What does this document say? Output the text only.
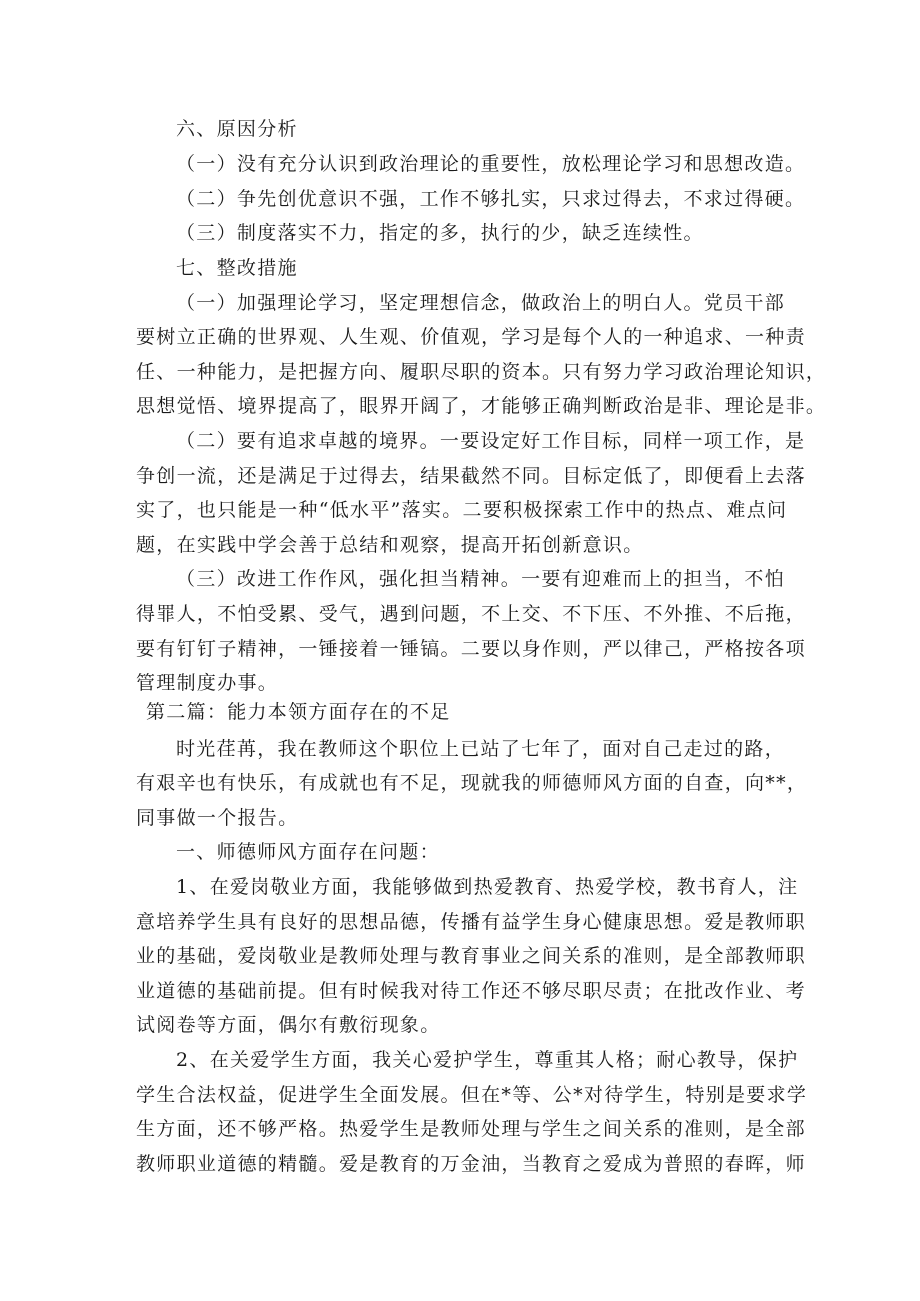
六、原因分析
（一）没有充分认识到政治理论的重要性，放松理论学习和思想改造。
（二）争先创优意识不强，工作不够扎实，只求过得去，不求过得硬。
（三）制度落实不力，指定的多，执行的少，缺乏连续性。
七、整改措施
（一）加强理论学习，坚定理想信念，做政治上的明白人。党员干部
要树立正确的世界观、人生观、价值观，学习是每个人的一种追求、一种责
任、一种能力，是把握方向、履职尽职的资本。只有努力学习政治理论知识，
思想觉悟、境界提高了，眼界开阔了，才能够正确判断政治是非、理论是非。
（二）要有追求卓越的境界。一要设定好工作目标，同样一项工作，是
争创一流，还是满足于过得去，结果截然不同。目标定低了，即便看上去落
实了，也只能是一种“低水平”落实。二要积极探索工作中的热点、难点问
题，在实践中学会善于总结和观察，提高开拓创新意识。
（三）改进工作作风，强化担当精神。一要有迎难而上的担当，不怕
得罪人，不怕受累、受气，遇到问题，不上交、不下压、不外推、不后拖，
要有钉钉子精神，一锤接着一锤镐。二要以身作则，严以律己，严格按各项
管理制度办事。
第二篇：能力本领方面存在的不足
时光荏苒，我在教师这个职位上已站了七年了，面对自己走过的路，
有艰辛也有快乐，有成就也有不足，现就我的师德师风方面的自查，向**，
同事做一个报告。
一、师德师风方面存在问题：
1、在爱岗敬业方面，我能够做到热爱教育、热爱学校，教书育人，注
意培养学生具有良好的思想品德，传播有益学生身心健康思想。爱是教师职
业的基础，爱岗敬业是教师处理与教育事业之间关系的准则，是全部教师职
业道德的基础前提。但有时候我对待工作还不够尽职尽责；在批改作业、考
试阅卷等方面，偶尔有敷衍现象。
2、在关爱学生方面，我关心爱护学生，尊重其人格；耐心教导，保护
学生合法权益，促进学生全面发展。但在*等、公*对待学生，特别是要求学
生方面，还不够严格。热爱学生是教师处理与学生之间关系的准则，是全部
教师职业道德的精髓。爱是教育的万金油，当教育之爱成为普照的春晖，师
